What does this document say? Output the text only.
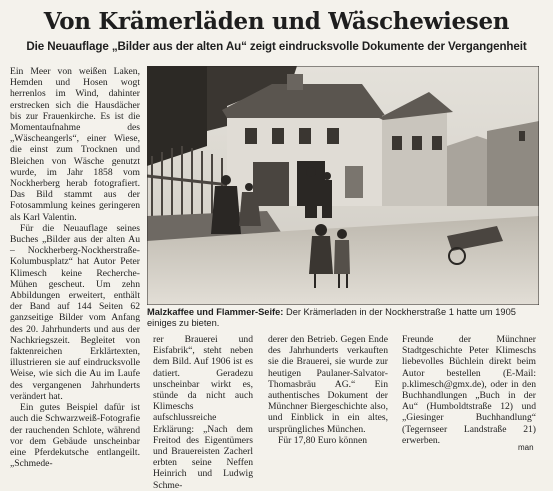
Von Krämerläden und Wäschewiesen
Die Neuauflage „Bilder aus der alten Au“ zeigt eindrucksvolle Dokumente der Vergangenheit

Ein Meer von weißen Laken, Hemden und Hosen wogt herrenlos im Wind, dahinter erstrecken sich die Hausdächer bis zur Frauenkirche. Es ist die Momentaufnahme des „Wäscheangerls“, einer Wiese, die einst zum Trocknen und Bleichen von Wäsche genutzt wurde, im Jahr 1858 vom Nockherberg herab fotografiert. Das Bild stammt aus der Fotosammlung keines geringeren als Karl Valentin.

Für die Neuauflage seines Buches „Bilder aus der alten Au – Nockherberg-Nockherstraße-Kolumbusplatz“ hat Autor Peter Klimesch keine Recherche-Mühen gescheut. Um zehn Abbildungen erweitert, enthält der Band auf 144 Seiten 62 ganzseitige Bilder vom Anfang des 20. Jahrhunderts und aus der Nachkriegszeit. Begleitet von faktenreichen Erklärtexten, illustrieren sie auf eindrucksvolle Weise, wie sich die Au im Laufe des vergangenen Jahrhunderts verändert hat.

Ein gutes Beispiel dafür ist auch die Schwarzweiß-Fotografie der rauchenden Schlote, während vor dem Gebäude unscheinbar eine Pferdekutsche entlangeilt. „Schmede-

Malzkaffee und Flammer-Seife: Der Krämerladen in der Nockherstraße 1 hatte um 1905 einiges zu bieten.

rer Brauerei und Eisfabrik“, steht neben dem Bild. Auf 1906 ist es datiert. Geradezu unscheinbar wirkt es, stünde da nicht auch Klimeschs aufschlussreiche Erklärung: „Nach dem Freitod des Eigentümers und Brauereisten Zacherl erbten seine Neffen Heinrich und Ludwig Schme-

derer den Betrieb. Gegen Ende des Jahrhunderts verkauften sie die Brauerei, sie wurde zur heutigen Paulaner-Salvator-Thomasbräu AG.“ Ein authentisches Dokument der Münchner Biergeschichte also, und Einblick in ein altes, ursprüngliches München.

Für 17,80 Euro können

Freunde der Münchner Stadtgeschichte Peter Klimeschs liebevolles Büchlein direkt beim Autor bestellen (E-Mail: p.klimesch@gmx.de), oder in den Buchhandlungen „Buch in der Au“ (Humboldtstraße 12) und „Giesinger Buchhandlung“ (Tegernseer Landstraße 21) erwerben.

man
